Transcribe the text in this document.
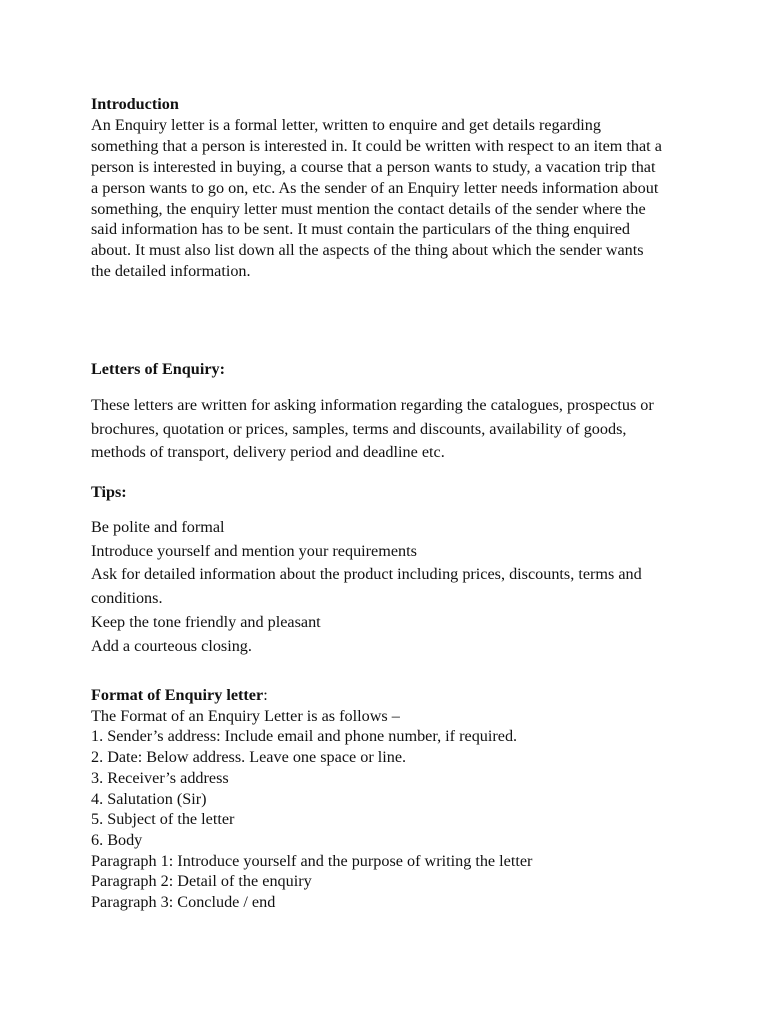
Introduction
An Enquiry letter is a formal letter, written to enquire and get details regarding
something that a person is interested in. It could be written with respect to an item that a
person is interested in buying, a course that a person wants to study, a vacation trip that
a person wants to go on, etc. As the sender of an Enquiry letter needs information about
something, the enquiry letter must mention the contact details of the sender where the
said information has to be sent. It must contain the particulars of the thing enquired
about. It must also list down all the aspects of the thing about which the sender wants
the detailed information.
Letters of Enquiry:
These letters are written for asking information regarding the catalogues, prospectus or
brochures, quotation or prices, samples, terms and discounts, availability of goods,
methods of transport, delivery period and deadline etc.
Tips:
Be polite and formal
Introduce yourself and mention your requirements
Ask for detailed information about the product including prices, discounts, terms and
conditions.
Keep the tone friendly and pleasant
Add a courteous closing.
Format of Enquiry letter:
The Format of an Enquiry Letter is as follows –
1. Sender’s address: Include email and phone number, if required.
2. Date: Below address. Leave one space or line.
3. Receiver’s address
4. Salutation (Sir)
5. Subject of the letter
6. Body
Paragraph 1: Introduce yourself and the purpose of writing the letter
Paragraph 2: Detail of the enquiry
Paragraph 3: Conclude / end
